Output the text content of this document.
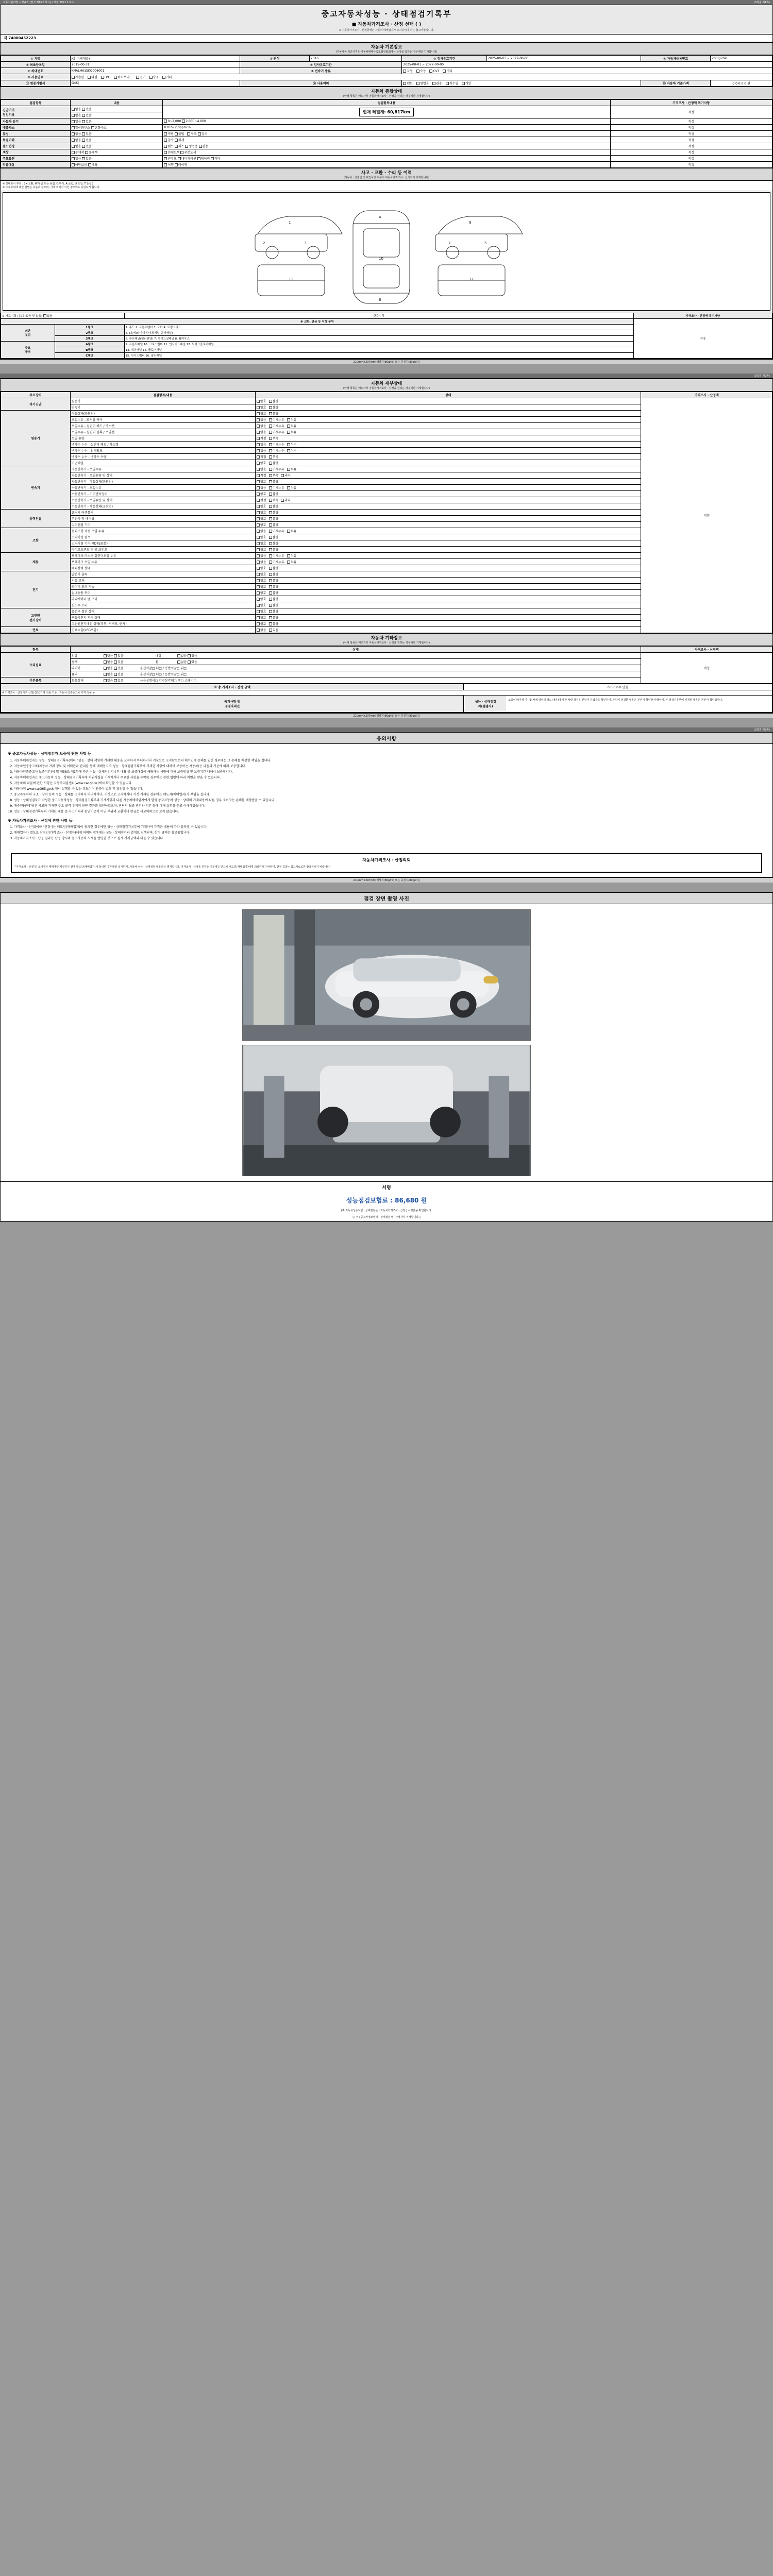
자동차관리법 시행규칙 [별지 제82호서식] <개정 2021.1.5.>	(3쪽중 제1쪽)
중고자동차성능 · 상태점검기록부
■ 자동차가격조사 · 산정 선택 ( )
※ 자동차가격조사 · 산정금액은 자동차 매매업자가 고지하여야 하는 참고사항입니다.
제 74000452223
자동차 기본정보
(자동차등 기준가격은 자동차매매사업조합연합회에서 산정을 참하는 경우에만 기재합니다)
① 차명	K7 (4세대급)	② 연식	2016	③ 검사유효기간	2025-00-01 ~ 2027-00-00	④ 자동차등록번호	2000/769
⑤ 최초등록일	2015-00-31	⑥ 검사유효기간		2025-00-01 ~ 2027-00-00			
⑦ 차대번호	KNALHA1SKQ006001	⑧ 변속기 종류		자동 수동 CVT 기타			
⑨ 사용연료	가솔린 디젤 LPG 하이브리드 전기 수소 기타						
⑪ 원동기형식	G4KJ	⑫ 사용이력		렌트 영업용 관용 직수입 개인		⑬ 자동차 기준가액	0 0 0 0 0 원
자동차 종합상태
(아래 항목은 매도자가 자동차가격조사 · 산정을 원하는 경우에만 기재합니다)
점검항목	내용	점검항목내용	가격조사 · 산정액 특기사항
진단기기
점검기록	없음 있음	현재 레밀계: 60,817km	적정
	없음 있음		
자동차 등기	없음 있음	0~2,000 2,000~4,000	적정
배출가스	일산화탄소 탄화수소	0.01% 2.0ppm %	적정
튜닝	없음 있음	적법 불법   구조 장치	적정
특별이력	없음 있음	침수 화재	적정
용도변경	없음 있음	렌트 리스 영업용 관용	적정
색상	무채색 유채색	전체도색 부분도색	적정
주요옵션	없음 있음	썬루프 내비게이션 에어백 기타	적정
리콜대상	해당없음 해당	이행 미이행	적정
사고 · 교환 · 수리 등 이력
(자동차 · 산정인 및 확인사항 여부의 자동차가격조사 · 산정자가 기재합니다)
※ 상태표시 부호 : ( X:교환, W:판금 또는 용접, C:부식, A:긁힘, U:요철, T:손상 )
※ 주요부위에 대한 설명은 다음과 같으며, 기재 위치가 아닌 경우에도 동일하게 봅니다.
1
3
2
4
10
6
9
5
7
11	12
※ 사고이력 (유/무:있음 및 없음) 있음		단순수리	가격조사 · 산정액 특기사항
※ 교환, 판금 등 이상 부위			적정
외판
부위	1랭크	1. 후드 2. 프론트펜더 3. 도어 4. 트렁크리드	
	2랭크	5. (오버)라이더 사이드패널(쿼터패널)	
	3랭크	6. 루프패널(필러판넬) 7. 사이드실패널 8. 휠하우스	
주요
골격	A랭크	9. 프론트패널 10. 크로스멤버 11. 인사이드패널 12. 트렁크플로어패널	
	B랭크	13. 대쉬패널 14. 플로어패널	
	C랭크	15. 사이드멤버 16. 필러패널	
210mm×297mm[백상지(80g/㎡) 또는 중질지(80g/㎡)]
(3쪽중 제2쪽)
자동차 세부상태
(아래 항목은 매도자가 자동차가격조사 · 산정을 원하는 경우에만 기재합니다)
주요장치	점검항목/내용	상태	가격조사 · 산정액
자기진단	원동기	양호 불량	적정
	변속기	양호 불량	
원동기	작동상태(공회전)	양호 불량	
	오일누유 - 로커암 커버	없음 미세누유 누유	
	오일누유 - 실린더 헤드 / 가스켓	없음 미세누유 누유	
	오일누유 - 실린더 블록 / 오일팬	없음 미세누유 누유	
	오일 유량	적정 부족	
	냉각수 누수 - 실린더 헤드 / 가스켓	없음 미세누수 누수	
	냉각수 누수 - 워터펌프	없음 미세누수 누수	
	냉각수 누수 - 냉각수 수량	적정 부족	
	커먼레일	양호 불량	
변속기	자동변속기 - 오일누유	없음 미세누유 누유	
	자동변속기 - 오일유량 및 상태	적정 부족 과다	
	자동변속기 - 작동상태(공회전)	양호 불량	
	수동변속기 - 오일누유	없음 미세누유 누유	
	수동변속기 - 기어변속장치	양호 불량	
	수동변속기 - 오일유량 및 상태	적정 부족 과다	
	수동변속기 - 작동상태(공회전)	양호 불량	
동력전달	클러치 어셈블리	양호 불량	
	추진축 및 베어링	양호 불량	
	디퍼렌셜 기어	양호 불량	
조향	동력조향 작동 오일 누유	없음 미세누유 누유	
	스티어링 펌프	양호 불량	
	스티어링 기어(MDPS포함)	양호 불량	
	타이로드엔드 및 볼 조인트	양호 불량	
제동	브레이크 마스터 실린더오일 누유	없음 미세누유 누유	
	브레이크 오일 누유	없음 미세누유 누유	
	배력장치 상태	양호 불량	
전기	발전기 출력	양호 불량	
	시동 모터	양호 불량	
	와이퍼 모터 기능	양호 불량	
	실내송풍 모터	양호 불량	
	라디에이터 팬 모터	양호 불량	
	윈도우 모터	양호 불량	
고전원
전기장치	충전구 절연 상태	양호 불량	
	구동축전지 격리 상태	양호 불량	
	고전원전기배선 상태(피복, 커넥터, 단자)	양호 불량	
연료	연료누출(LPG포함)	없음 있음	
자동차 기타정보
(아래 항목은 매도자가 자동차가격조사 · 산정을 원하는 경우에만 기재합니다)
항목	상태	가격조사 · 산정액
수리필요	외장 없음 있음 내장 없음 있음	적정
	광택 없음 있음 휠 없음 있음	
	타이어 없음 있음 운전석앞□ 뒤□ / 동반석앞□ 뒤□	
	유리 없음 있음 운전석앞□ 뒤□ / 동반석앞□ 뒤□	
기본품목	보유상태 없음 있음 사용설명서□ 안전삼각대□ 잭□ 스패너□	
※ 총 가격조사 · 산정 금액	0 0 0 0 0 만원
※ 가격조사 · 산정가격 산정(견적)가격 적용 기준 : 자동차 인증중고차 가격 적용 등	
특기사항 및
점검자의견	
성능 · 상태점검
자(점검자)
보증여부(무상 중) 및 차체 범위의 정도(내용)에 대한 차량 점검은 본인이 하였음을 확인하며, 본인이 점검한 내용은 본인이 확인한 사항이며, 본 점검기록부에 기재된 내용은 본인이 책임집니다.
210mm×297mm[백상지(80g/㎡) 또는 중질지(80g/㎡)]
(3쪽중 제3쪽)
유의사항
※ 중고자동차성능 · 상태점검자 보증에 관한 사항 등
1. 자동차매매업자는 성능 · 상태점검기록부(이하 "성능 · 상태 책임에 기재된 내용을 고지하지 아니하거나 거짓으로 고지함으로써 매수인에 손해를 입힌 경우에는 그 손해를 배상할 책임을 집니다.
2. 자동차인증중고차(자동차 거래 정보 및 이력관리 관리를 통해 매매업자가 성능 · 상태점검기록부에 기재한 사항에 대하여 보증하는 자동차)는 다음의 기준에 따라 보증합니다.
3. 자동차인증중고차 보증기간(이 법 제58조 제1항에 따른 성능 · 상태점검기록부 내용 중 보증대상에 해당하는 사항에 대해 보증범위 및 보증기간 내에서 보증합니다.
4. 자동차매매업자는 중고자동차 성능 · 상태점검기록부에 허위사실을 기재하거나 주요한 사항을 누락한 경우에는 관련 법령에 따라 처벌을 받을 수 있습니다.
5. 자동차의 리콜에 관한 사항은 자동차리콜센터(www.car.go.kr)에서 확인할 수 있습니다.
6. 자동차의 www.car365.go.kr에서 실행할 수 있는 정보이며 인증이 별도 및 확인할 수 있습니다.
7. 중고자동차의 구조 · 장치 등의 성능 · 상태를 고지하지 아니하거나, 거짓으로 고지하거나 거짓 기재한 경우에는 매도자(매매업자)가 책임을 집니다.
8. 성능 · 상태점검자가 작성한 중고자동차성능 · 상태점검기록부의 기재사항과 다른 자동차매매업자에게 발생 중고자동차 성능 · 상태의 기재내용이 다른 경우 소비자는 손해를 배상받을 수 있습니다.
9. 매수인(구매자)은 시고와 기재한 주요 골격 부위의 판단 결과를 확인하였으며, 판단의 보증 범위와 기간 등에 대해 설명을 듣고 이해하였습니다.
10. 성능 · 상태점검기록부의 기재한 내용 중 사고이력의 판단기준이 아닌 부위의 교환이나 판금은 사고이력으로 보지 않습니다.
※ 자동차가격조사 · 산정에 관한 사항 등
1. 가격조사 · 산정(이하 "산정")은 매도인(매매업자)이 동의한 경우에만 성능 · 상태점검기록부에 기재하며 가격은 내용에 따라 달라질 수 있습니다.
2. 매매업자가 별도로 산정인(가격 조사 · 산정자)에게 의뢰한 경우에는 성능 · 상태점검과 별개로 진행되며, 산정 금액은 참고용입니다.
3. 자동차가격조사 · 산정 결과는 산정 당시의 중고자동차 시세를 반영한 것으로 실제 거래금액과 다를 수 있습니다.
자동차가격조사 · 산정의뢰
"가격조사 · 산정"은 소비자가 매매계약 체결하기 전에 매도인(매매업자)이 동의한 경우에만 실시하며, 자동차 성능 · 상태점검 내용과는 별개입니다. 가격조사 · 산정을 원하는 경우에는 반드시 매도인(매매업자)에게 의뢰하시기 바라며, 산정 결과는 참고자료로만 활용하시기 바랍니다.
210mm×297mm[백상지(80g/㎡) 또는 중질지(80g/㎡)]
점검 장면 촬영 사진
서명
성능점검보험료 : 86,680 원
(주)자동차성능보험 · 상태점검은 [ 자동차가격조사 · 산정 ] 서명값을 확인합니다.
[ ( Y ) 중고차정보센터 · 상태점검자 · 산정자가 기재합니다.]
